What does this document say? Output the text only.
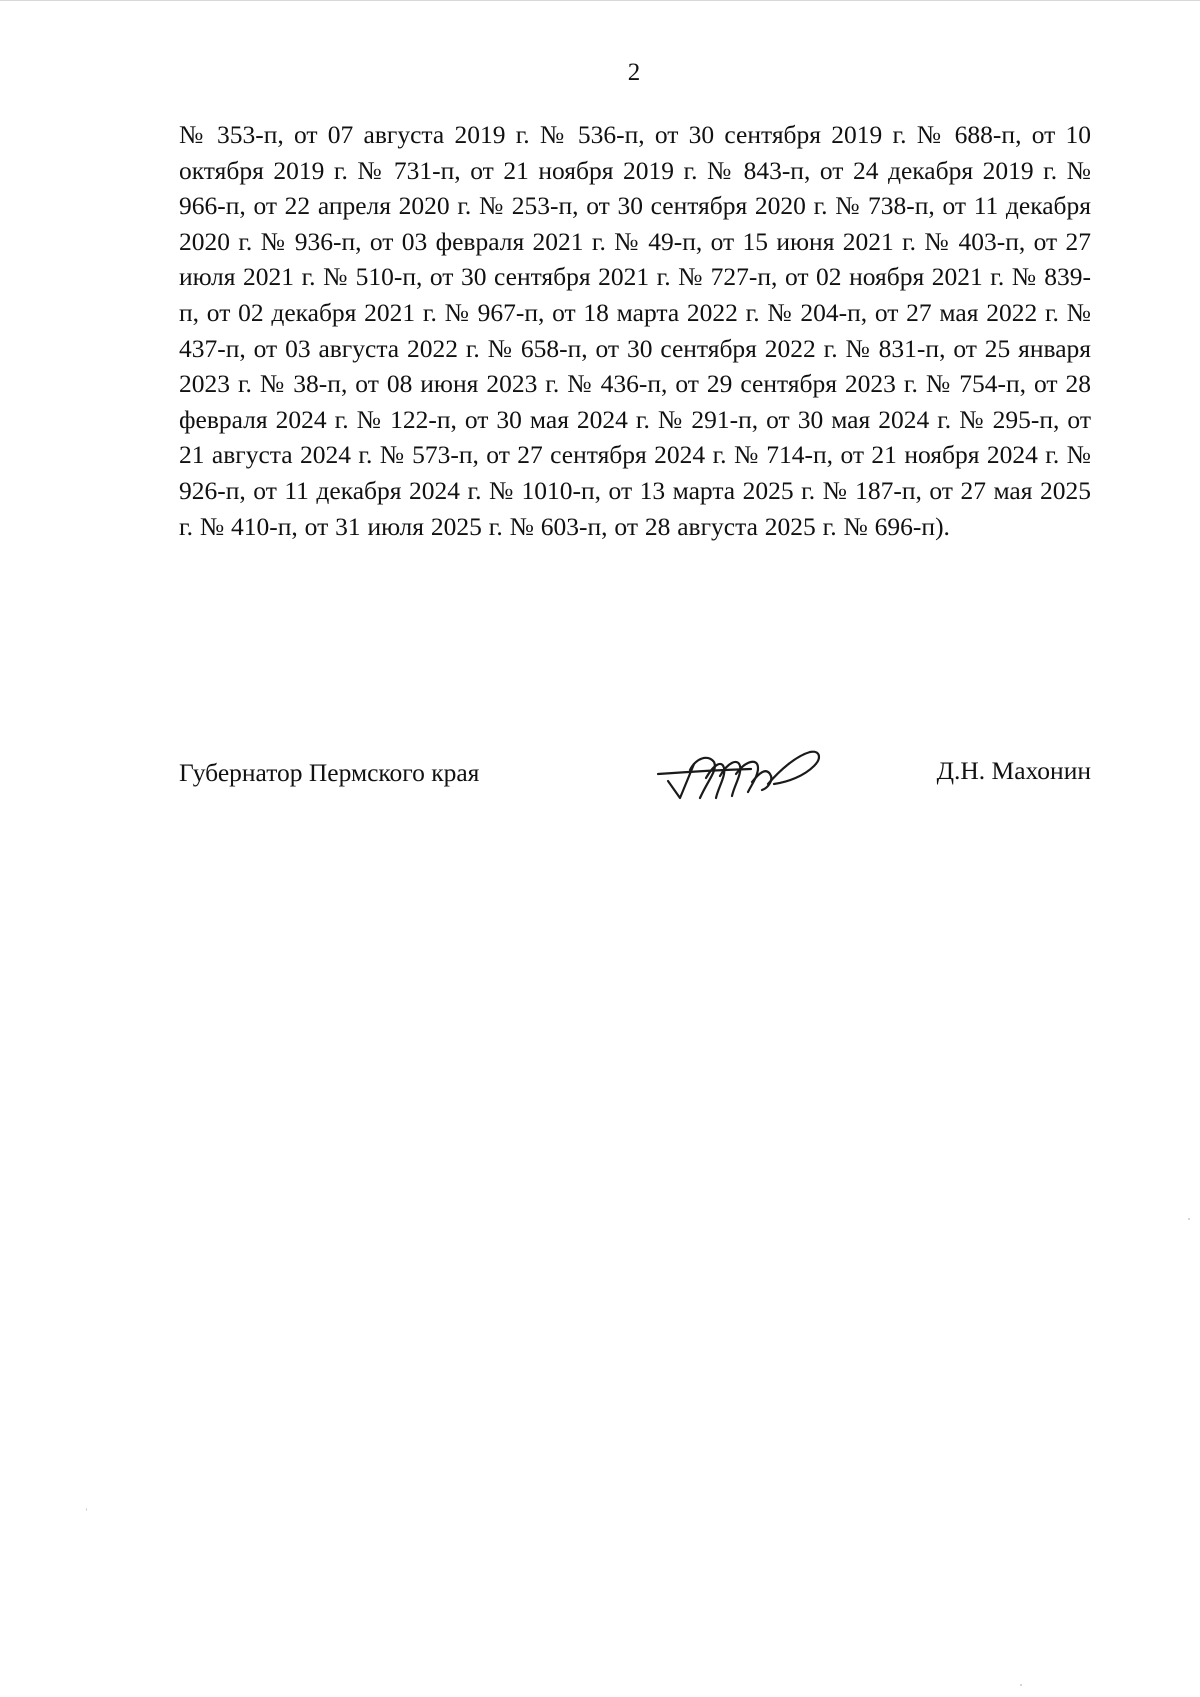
2

№ 353-п, от 07 августа 2019 г. № 536-п, от 30 сентября 2019 г. № 688-п, от 10 октября 2019 г. № 731-п, от 21 ноября 2019 г. № 843-п, от 24 декабря 2019 г. № 966-п, от 22 апреля 2020 г. № 253-п, от 30 сентября 2020 г. № 738-п, от 11 декабря 2020 г. № 936-п, от 03 февраля 2021 г. № 49-п, от 15 июня 2021 г. № 403-п, от 27 июля 2021 г. № 510-п, от 30 сентября 2021 г. № 727-п, от 02 ноября 2021 г. № 839-п, от 02 декабря 2021 г. № 967-п, от 18 марта 2022 г. № 204-п, от 27 мая 2022 г. № 437-п, от 03 августа 2022 г. № 658-п, от 30 сентября 2022 г. № 831-п, от 25 января 2023 г. № 38-п, от 08 июня 2023 г. № 436-п, от 29 сентября 2023 г. № 754-п, от 28 февраля 2024 г. № 122-п, от 30 мая 2024 г. № 291-п, от 30 мая 2024 г. № 295-п, от 21 августа 2024 г. № 573-п, от 27 сентября 2024 г. № 714-п, от 21 ноября 2024 г. № 926-п, от 11 декабря 2024 г. № 1010-п, от 13 марта 2025 г. № 187-п, от 27 мая 2025 г. № 410-п, от 31 июля 2025 г. № 603-п, от 28 августа 2025 г. № 696-п).

Губернатор Пермского края	Д.Н. Махонин
